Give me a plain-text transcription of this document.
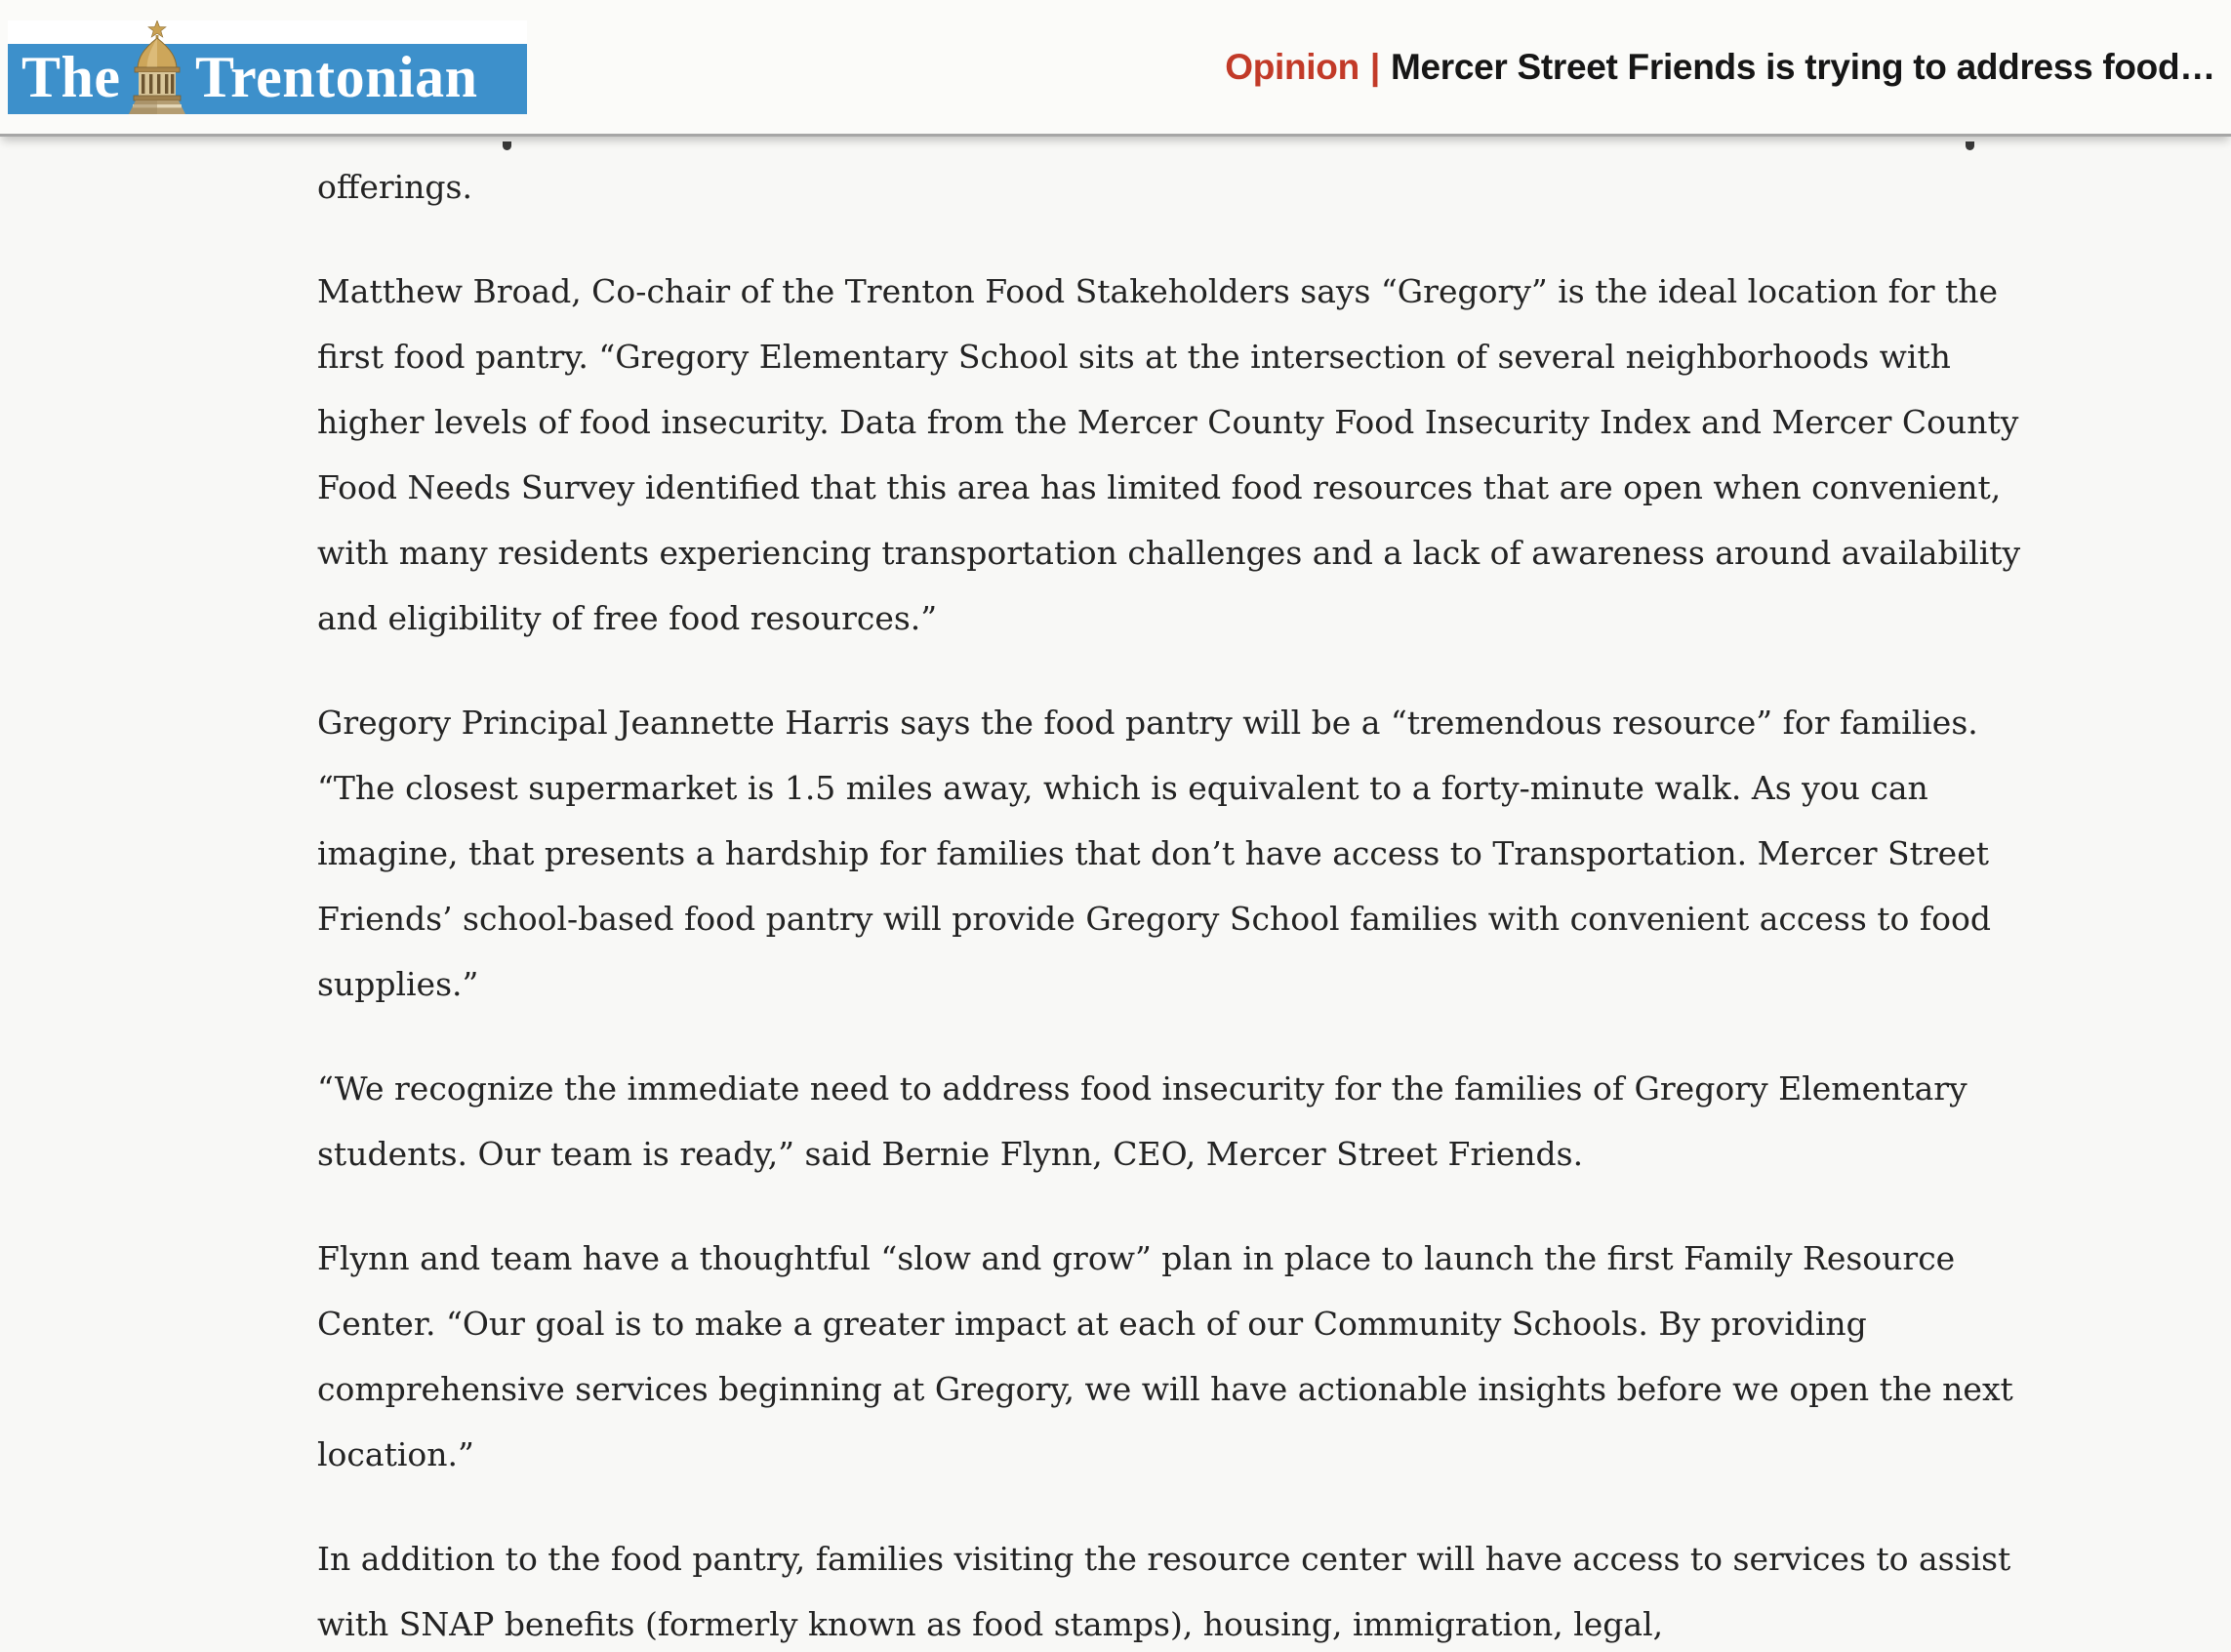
The Trentonian	Opinion | Mercer Street Friends is trying to address food…

offerings.

Matthew Broad, Co-chair of the Trenton Food Stakeholders says “Gregory” is the ideal location for the first food pantry. “Gregory Elementary School sits at the intersection of several neighborhoods with higher levels of food insecurity. Data from the Mercer County Food Insecurity Index and Mercer County Food Needs Survey identified that this area has limited food resources that are open when convenient, with many residents experiencing transportation challenges and a lack of awareness around availability and eligibility of free food resources.”

Gregory Principal Jeannette Harris says the food pantry will be a “tremendous resource” for families. “The closest supermarket is 1.5 miles away, which is equivalent to a forty-minute walk. As you can imagine, that presents a hardship for families that don’t have access to Transportation. Mercer Street Friends’ school-based food pantry will provide Gregory School families with convenient access to food supplies.”

“We recognize the immediate need to address food insecurity for the families of Gregory Elementary students. Our team is ready,” said Bernie Flynn, CEO, Mercer Street Friends.

Flynn and team have a thoughtful “slow and grow” plan in place to launch the first Family Resource Center. “Our goal is to make a greater impact at each of our Community Schools. By providing comprehensive services beginning at Gregory, we will have actionable insights before we open the next location.”

In addition to the food pantry, families visiting the resource center will have access to services to assist with SNAP benefits (formerly known as food stamps), housing, immigration, legal,
